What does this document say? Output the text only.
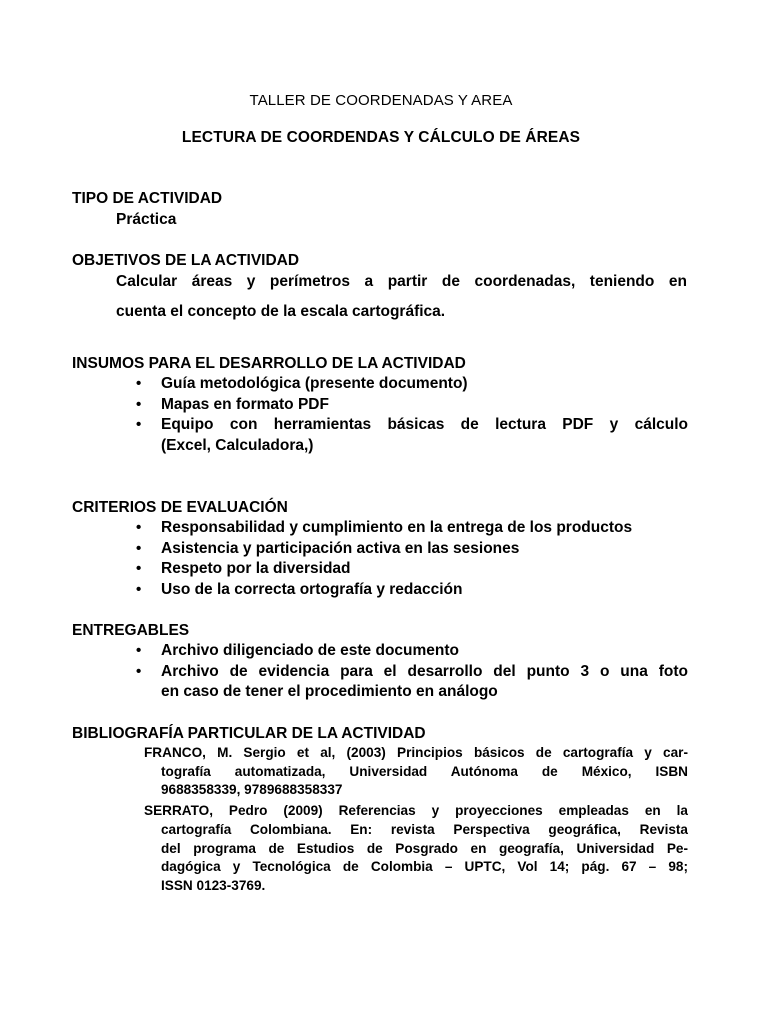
TALLER DE COORDENADAS Y AREA
LECTURA DE COORDENDAS Y CÁLCULO DE ÁREAS
TIPO DE ACTIVIDAD
Práctica
OBJETIVOS DE LA ACTIVIDAD
Calcular áreas y perímetros a partir de coordenadas, teniendo en
cuenta el concepto de la escala cartográfica.
INSUMOS PARA EL DESARROLLO DE LA ACTIVIDAD
• Guía metodológica (presente documento)
• Mapas en formato PDF
• Equipo con herramientas básicas de lectura PDF y cálculo
(Excel, Calculadora,)
CRITERIOS DE EVALUACIÓN
• Responsabilidad y cumplimiento en la entrega de los productos
• Asistencia y participación activa en las sesiones
• Respeto por la diversidad
• Uso de la correcta ortografía y redacción
ENTREGABLES
• Archivo diligenciado de este documento
• Archivo de evidencia para el desarrollo del punto 3 o una foto
en caso de tener el procedimiento en análogo
BIBLIOGRAFÍA PARTICULAR DE LA ACTIVIDAD
FRANCO, M. Sergio et al, (2003) Principios básicos de cartografía y car-
tografía automatizada, Universidad Autónoma de México, ISBN
9688358339, 9789688358337
SERRATO, Pedro (2009) Referencias y proyecciones empleadas en la
cartografía Colombiana. En: revista Perspectiva geográfica, Revista
del programa de Estudios de Posgrado en geografía, Universidad Pe-
dagógica y Tecnológica de Colombia – UPTC, Vol 14; pág. 67 – 98;
ISSN 0123-3769.
